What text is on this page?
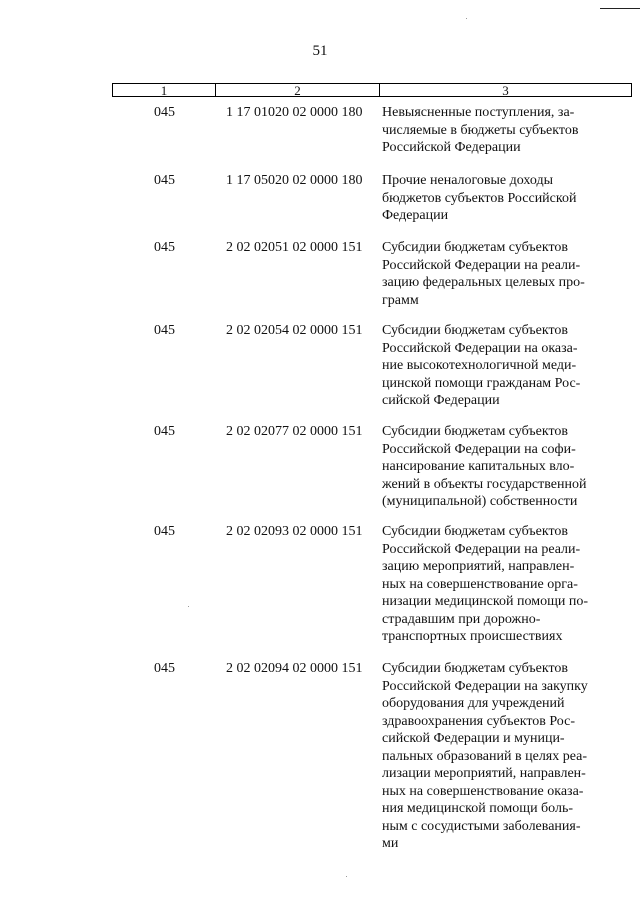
51
1	2	3
045	1 17 01020 02 0000 180	Невыясненные поступления, за-
числяемые в бюджеты субъектов
Российской Федерации
045	1 17 05020 02 0000 180	Прочие неналоговые доходы
бюджетов субъектов Российской
Федерации
045	2 02 02051 02 0000 151	Субсидии бюджетам субъектов
Российской Федерации на реали-
зацию федеральных целевых про-
грамм
045	2 02 02054 02 0000 151	Субсидии бюджетам субъектов
Российской Федерации на оказа-
ние высокотехнологичной меди-
цинской помощи гражданам Рос-
сийской Федерации
045	2 02 02077 02 0000 151	Субсидии бюджетам субъектов
Российской Федерации на софи-
нансирование капитальных вло-
жений в объекты государственной
(муниципальной) собственности
045	2 02 02093 02 0000 151	Субсидии бюджетам субъектов
Российской Федерации на реали-
зацию мероприятий, направлен-
ных на совершенствование орга-
низации медицинской помощи по-
страдавшим при дорожно-
транспортных происшествиях
045	2 02 02094 02 0000 151	Субсидии бюджетам субъектов
Российской Федерации на закупку
оборудования для учреждений
здравоохранения субъектов Рос-
сийской Федерации и муници-
пальных образований в целях реа-
лизации мероприятий, направлен-
ных на совершенствование оказа-
ния медицинской помощи боль-
ным с сосудистыми заболевания-
ми
